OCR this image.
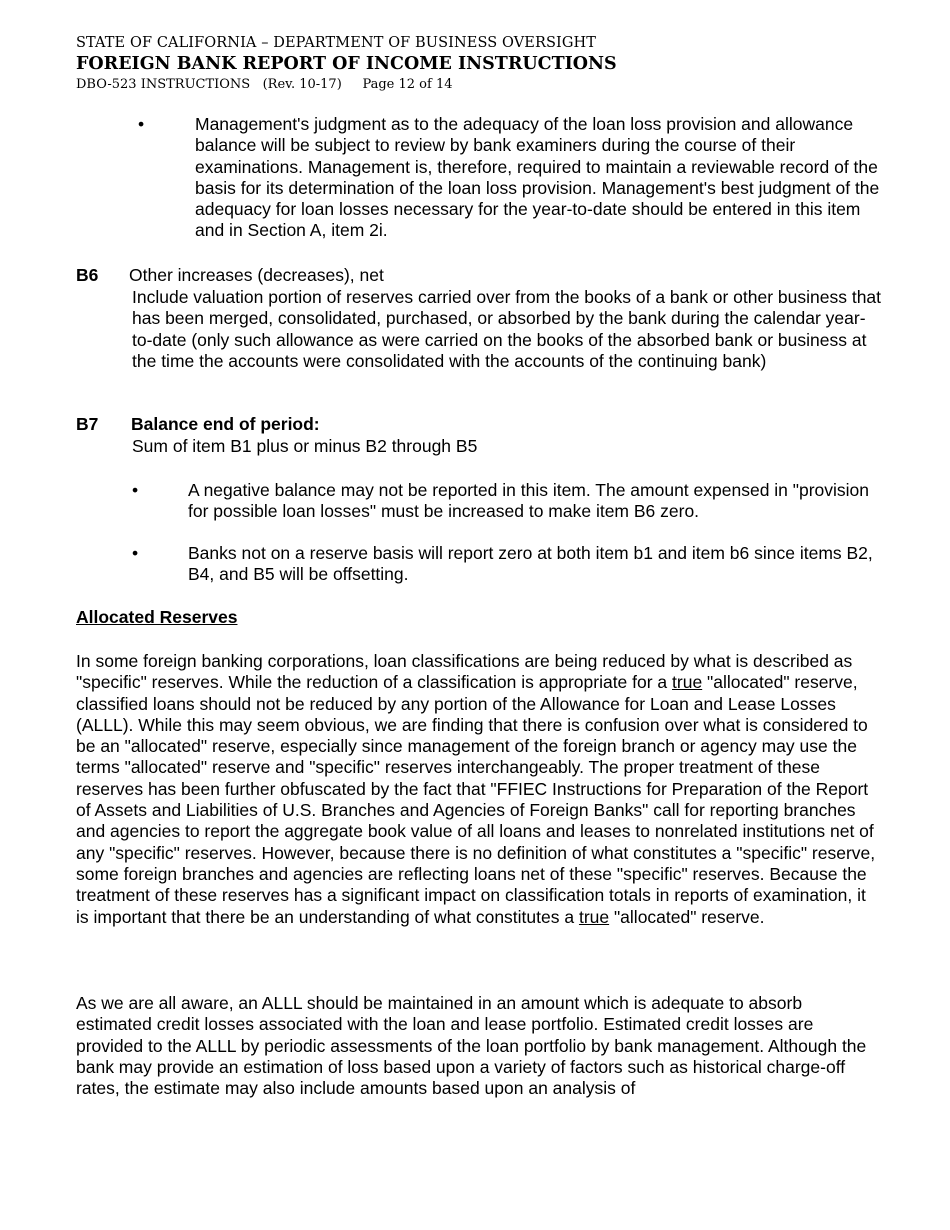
STATE OF CALIFORNIA – DEPARTMENT OF BUSINESS OVERSIGHT
FOREIGN BANK REPORT OF INCOME INSTRUCTIONS
DBO-523 INSTRUCTIONS   (Rev. 10-17)     Page 12 of 14
•	Management's judgment as to the adequacy of the loan loss provision and allowance balance will be subject to review by bank examiners during the course of their examinations. Management is, therefore, required to maintain a reviewable record of the basis for its determination of the loan loss provision. Management's best judgment of the adequacy for loan losses necessary for the year-to-date should be entered in this item and in Section A, item 2i.
B6 Other increases (decreases), net
Include valuation portion of reserves carried over from the books of a bank or other business that has been merged, consolidated, purchased, or absorbed by the bank during the calendar year-to-date (only such allowance as were carried on the books of the absorbed bank or business at the time the accounts were consolidated with the accounts of the continuing bank)
B7 Balance end of period:
Sum of item B1 plus or minus B2 through B5
•	A negative balance may not be reported in this item. The amount expensed in "provision for possible loan losses" must be increased to make item B6 zero.
•	Banks not on a reserve basis will report zero at both item b1 and item b6 since items B2, B4, and B5 will be offsetting.
Allocated Reserves

In some foreign banking corporations, loan classifications are being reduced by what is described as "specific" reserves. While the reduction of a classification is appropriate for a true "allocated" reserve, classified loans should not be reduced by any portion of the Allowance for Loan and Lease Losses (ALLL). While this may seem obvious, we are finding that there is confusion over what is considered to be an "allocated" reserve, especially since management of the foreign branch or agency may use the terms "allocated" reserve and "specific" reserves interchangeably. The proper treatment of these reserves has been further obfuscated by the fact that "FFIEC Instructions for Preparation of the Report of Assets and Liabilities of U.S. Branches and Agencies of Foreign Banks" call for reporting branches and agencies to report the aggregate book value of all loans and leases to nonrelated institutions net of any "specific" reserves. However, because there is no definition of what constitutes a "specific" reserve, some foreign branches and agencies are reflecting loans net of these "specific" reserves. Because the treatment of these reserves has a significant impact on classification totals in reports of examination, it is important that there be an understanding of what constitutes a true "allocated" reserve.

As we are all aware, an ALLL should be maintained in an amount which is adequate to absorb estimated credit losses associated with the loan and lease portfolio. Estimated credit losses are provided to the ALLL by periodic assessments of the loan portfolio by bank management. Although the bank may provide an estimation of loss based upon a variety of factors such as historical charge-off rates, the estimate may also include amounts based upon an analysis of
